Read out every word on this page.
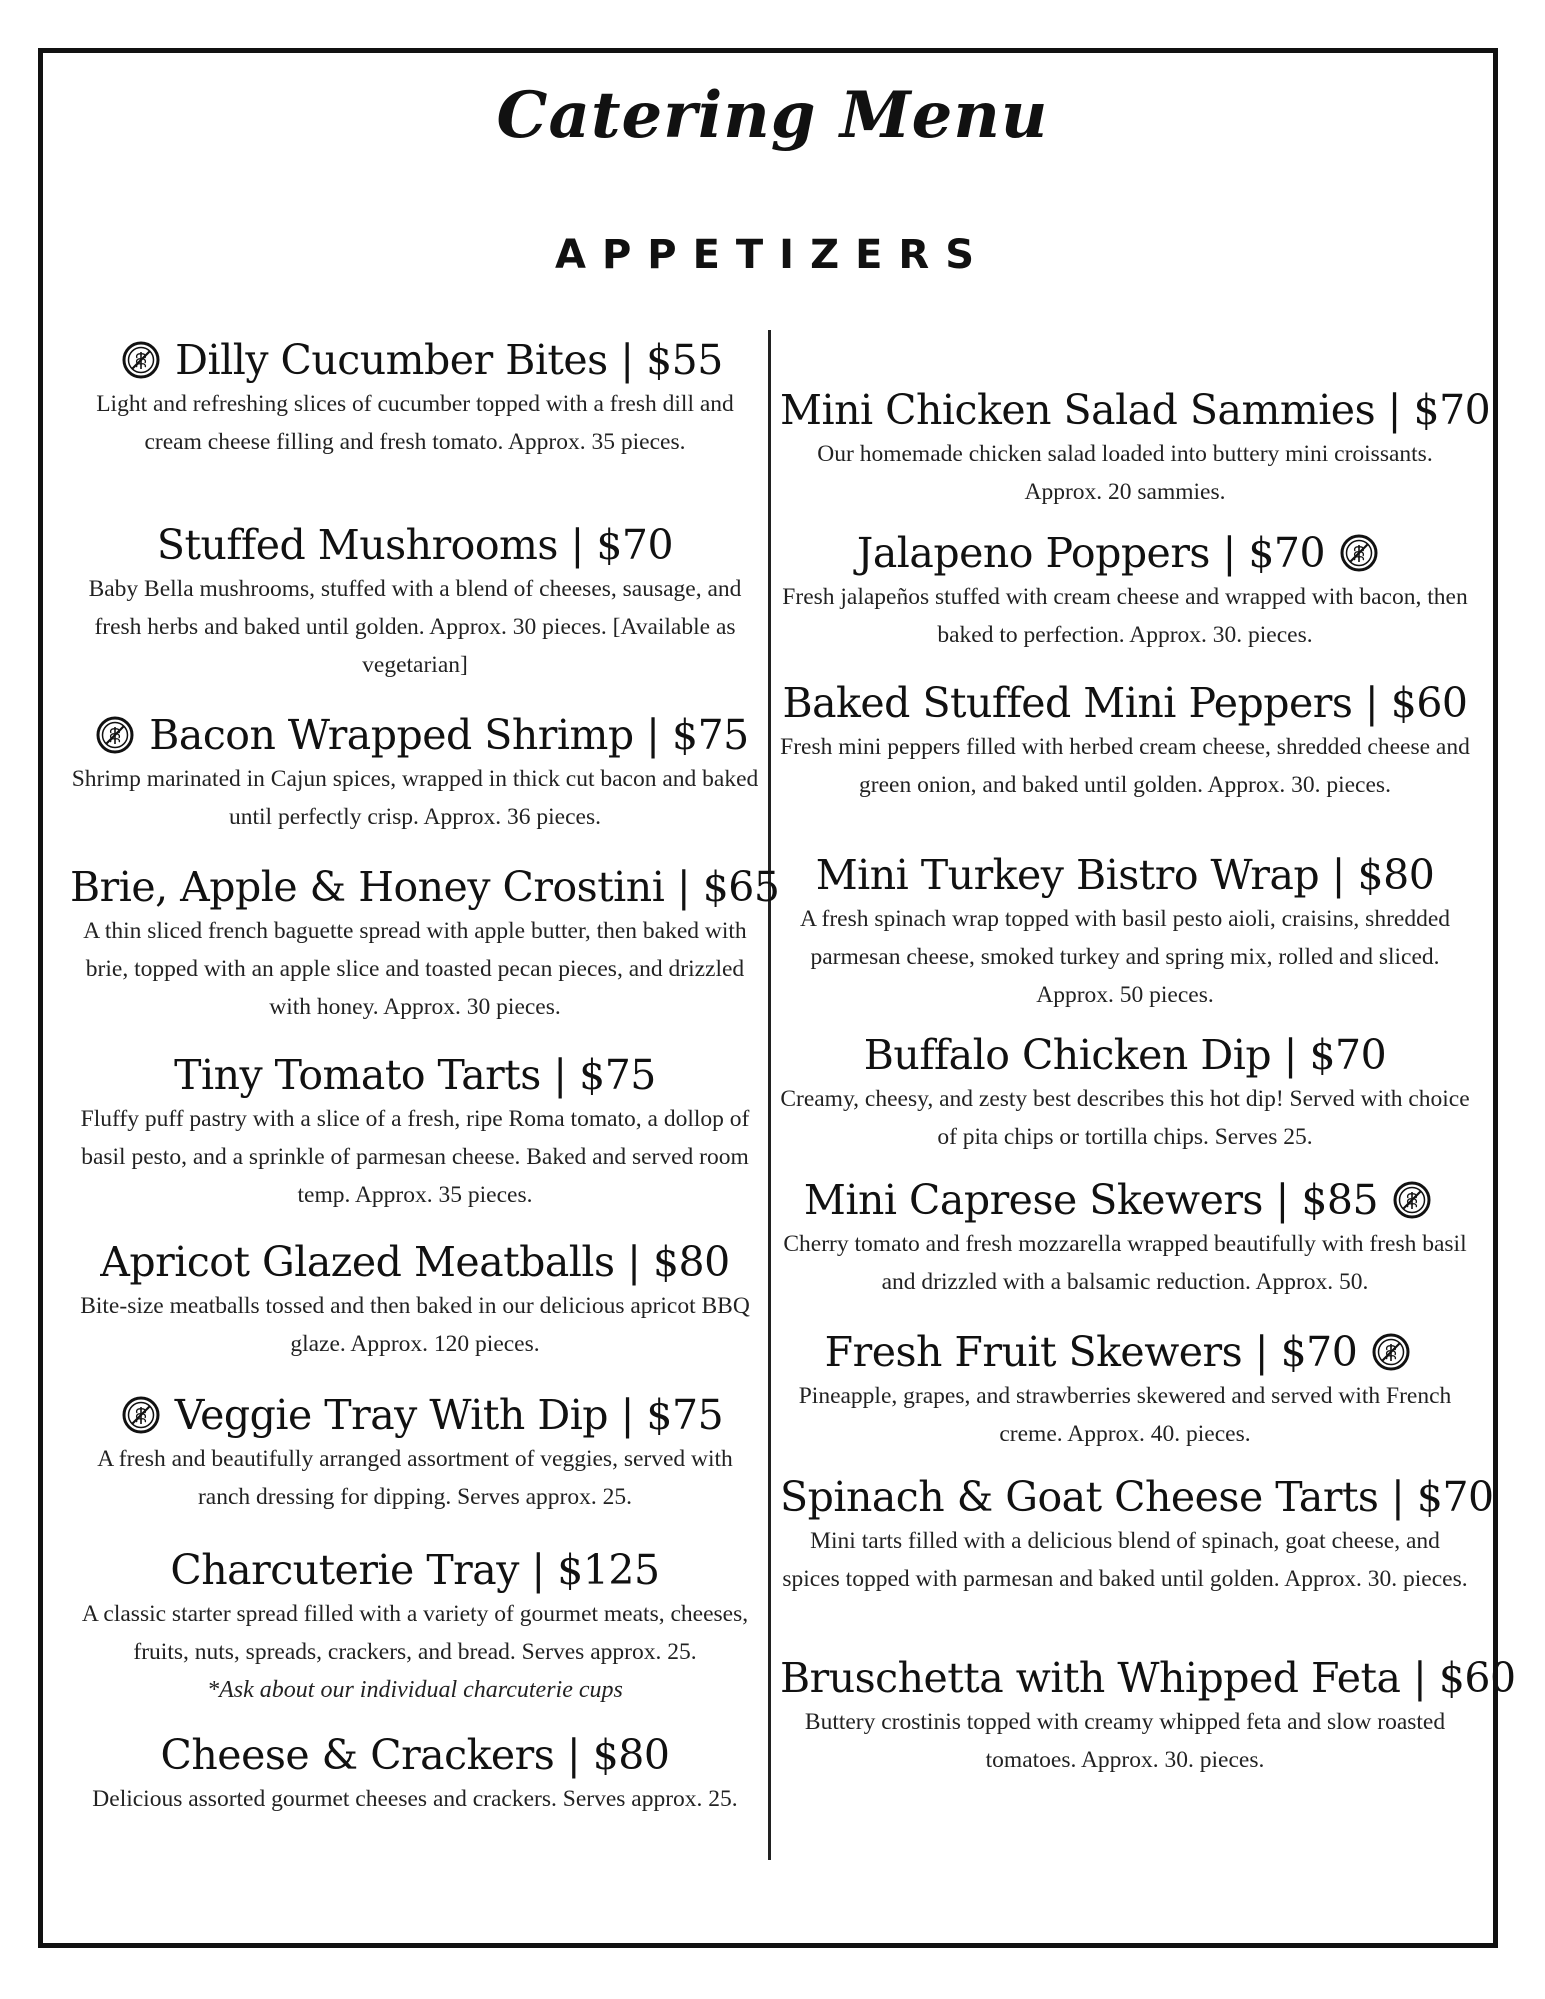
Catering Menu
APPETIZERS
Dilly Cucumber Bites | $55
Light and refreshing slices of cucumber topped with a fresh dill and cream cheese filling and fresh tomato. Approx. 35 pieces.
Stuffed Mushrooms | $70
Baby Bella mushrooms, stuffed with a blend of cheeses, sausage, and fresh herbs and baked until golden. Approx. 30 pieces. [Available as vegetarian]
Bacon Wrapped Shrimp | $75
Shrimp marinated in Cajun spices, wrapped in thick cut bacon and baked until perfectly crisp. Approx. 36 pieces.
Brie, Apple & Honey Crostini | $65
A thin sliced french baguette spread with apple butter, then baked with brie, topped with an apple slice and toasted pecan pieces, and drizzled with honey. Approx. 30 pieces.
Tiny Tomato Tarts | $75
Fluffy puff pastry with a slice of a fresh, ripe Roma tomato, a dollop of basil pesto, and a sprinkle of parmesan cheese. Baked and served room temp. Approx. 35 pieces.
Apricot Glazed Meatballs | $80
Bite-size meatballs tossed and then baked in our delicious apricot BBQ glaze. Approx. 120 pieces.
Veggie Tray With Dip | $75
A fresh and beautifully arranged assortment of veggies, served with ranch dressing for dipping. Serves approx. 25.
Charcuterie Tray | $125
A classic starter spread filled with a variety of gourmet meats, cheeses, fruits, nuts, spreads, crackers, and bread. Serves approx. 25.
*Ask about our individual charcuterie cups
Cheese & Crackers | $80
Delicious assorted gourmet cheeses and crackers. Serves approx. 25.
Mini Chicken Salad Sammies | $70
Our homemade chicken salad loaded into buttery mini croissants. Approx. 20 sammies.
Jalapeno Poppers | $70
Fresh jalapeños stuffed with cream cheese and wrapped with bacon, then baked to perfection. Approx. 30. pieces.
Baked Stuffed Mini Peppers | $60
Fresh mini peppers filled with herbed cream cheese, shredded cheese and green onion, and baked until golden. Approx. 30. pieces.
Mini Turkey Bistro Wrap | $80
A fresh spinach wrap topped with basil pesto aioli, craisins, shredded parmesan cheese, smoked turkey and spring mix, rolled and sliced. Approx. 50 pieces.
Buffalo Chicken Dip | $70
Creamy, cheesy, and zesty best describes this hot dip! Served with choice of pita chips or tortilla chips. Serves 25.
Mini Caprese Skewers | $85
Cherry tomato and fresh mozzarella wrapped beautifully with fresh basil and drizzled with a balsamic reduction. Approx. 50.
Fresh Fruit Skewers | $70
Pineapple, grapes, and strawberries skewered and served with French creme. Approx. 40. pieces.
Spinach & Goat Cheese Tarts | $70
Mini tarts filled with a delicious blend of spinach, goat cheese, and spices topped with parmesan and baked until golden. Approx. 30. pieces.
Bruschetta with Whipped Feta | $60
Buttery crostinis topped with creamy whipped feta and slow roasted tomatoes. Approx. 30. pieces.
